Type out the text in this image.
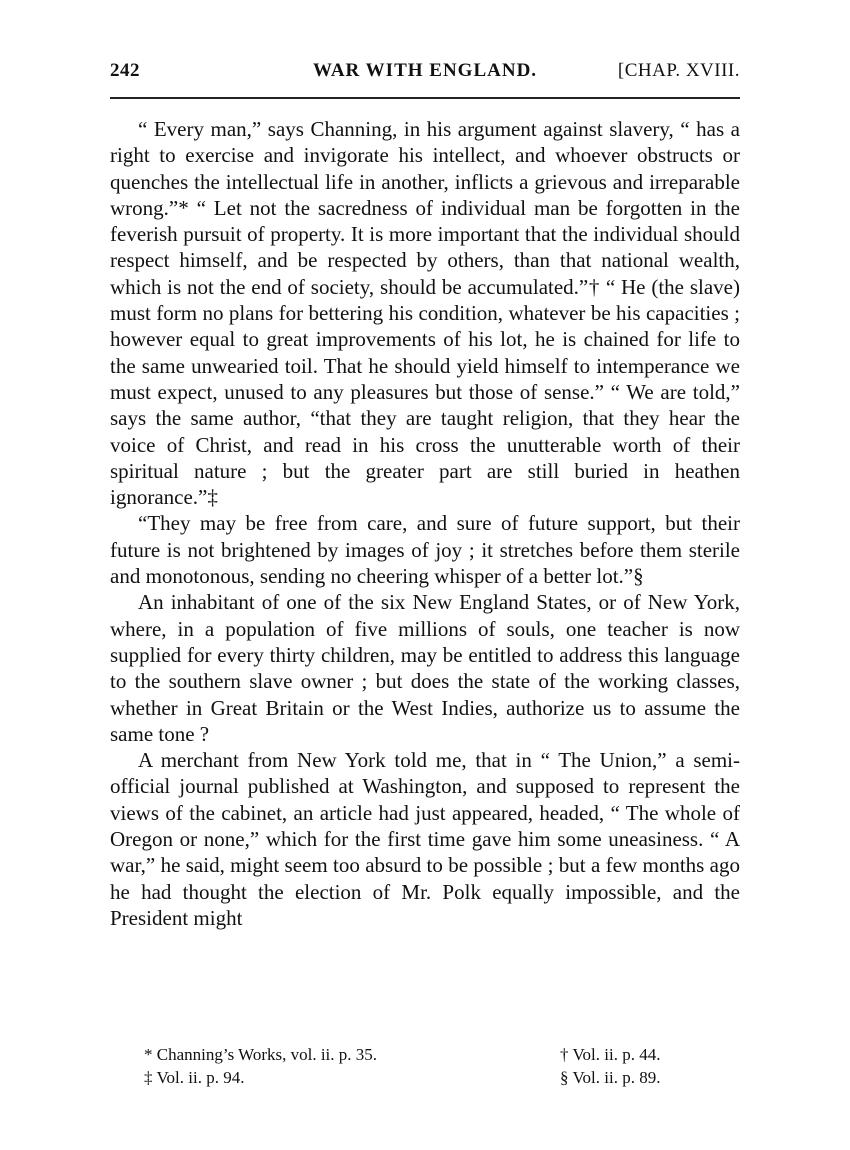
242	WAR WITH ENGLAND.	[CHAP. XVIII.

“ Every man,” says Channing, in his argument against slavery, “ has a right to exercise and invigorate his intellect, and whoever obstructs or quenches the intellectual life in another, inflicts a grievous and irreparable wrong.”* “ Let not the sacredness of individual man be forgotten in the feverish pursuit of property. It is more important that the individual should respect himself, and be respected by others, than that national wealth, which is not the end of society, should be accumulated.”† “ He (the slave) must form no plans for bettering his condition, whatever be his capacities ; however equal to great improvements of his lot, he is chained for life to the same unwearied toil. That he should yield himself to intemperance we must expect, unused to any pleasures but those of sense.” “ We are told,” says the same author, “that they are taught religion, that they hear the voice of Christ, and read in his cross the unutterable worth of their spiritual nature ; but the greater part are still buried in heathen ignorance.”‡

“They may be free from care, and sure of future support, but their future is not brightened by images of joy ; it stretches before them sterile and monotonous, sending no cheering whisper of a better lot.”§

An inhabitant of one of the six New England States, or of New York, where, in a population of five millions of souls, one teacher is now supplied for every thirty children, may be entitled to address this language to the southern slave owner ; but does the state of the working classes, whether in Great Britain or the West Indies, authorize us to assume the same tone ?

A merchant from New York told me, that in “ The Union,” a semi-official journal published at Washington, and supposed to represent the views of the cabinet, an article had just appeared, headed, “ The whole of Oregon or none,” which for the first time gave him some uneasiness. “ A war,” he said, might seem too absurd to be possible ; but a few months ago he had thought the election of Mr. Polk equally impossible, and the President might

* Channing’s Works, vol. ii. p. 35.	† Vol. ii. p. 44.
‡ Vol. ii. p. 94.	§ Vol. ii. p. 89.
